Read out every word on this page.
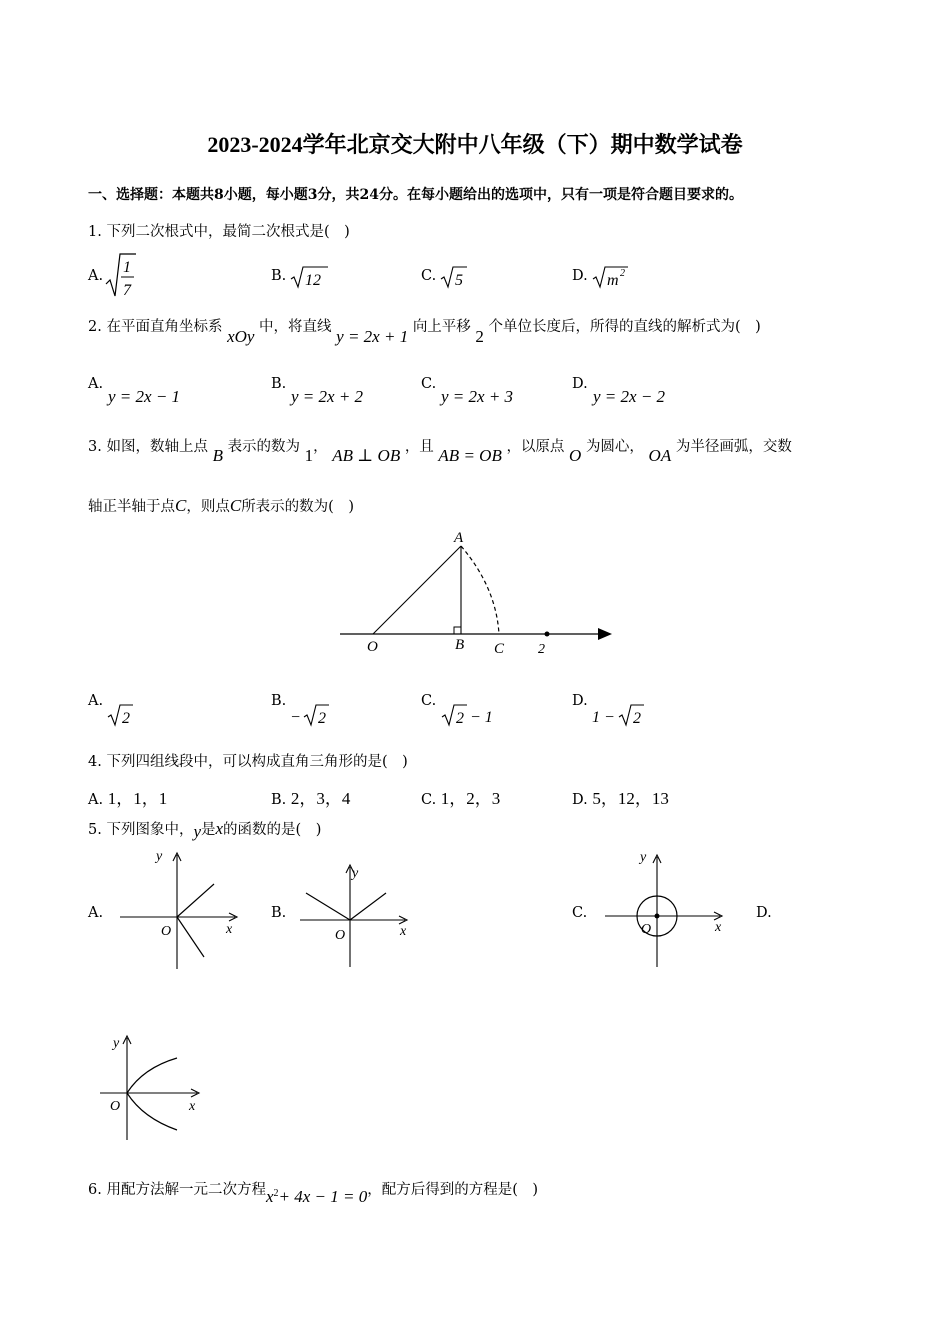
2023-2024学年北京交大附中八年级（下）期中数学试卷
一、选择题：本题共8小题，每小题3分，共24分。在每小题给出的选项中，只有一项是符合题目要求的。
1. 下列二次根式中，最简二次根式是(　)
A. 1
7
B. 12	C. 5	D. m 2
2. 在平面直角坐标系 xOy 中，将直线 y = 2x + 1 向上平移 2 个单位长度后，所得的直线的解析式为(　)
A.
y = 2x − 1
B.
y = 2x + 2
C.
y = 2x + 3
D.
y = 2x − 2
3. 如图，数轴上点 B 表示的数为 1， AB ⊥ OB ，且 AB = OB ，以原点 O 为圆心， OA 为半径画弧，交数
轴正半轴于点C，则点C所表示的数为(　)
A
O	B C 2
A.
2
B.
− 2
C.
2 − 1
D.
1 − 2
4. 下列四组线段中，可以构成直角三角形的是(　)
A. 1，1，1	B. 2，3，4	C. 1，2，3	D. 5，12，13
5. 下列图象中，y是x的函数的是(　)
A.
y
x
O
B.
y
x
O
C.
y
x
O
D.
y
x
O
6. 用配方法解一元二次方程$x^2+ 4x - 1 = 0$，配方后得到的方程是(　)
